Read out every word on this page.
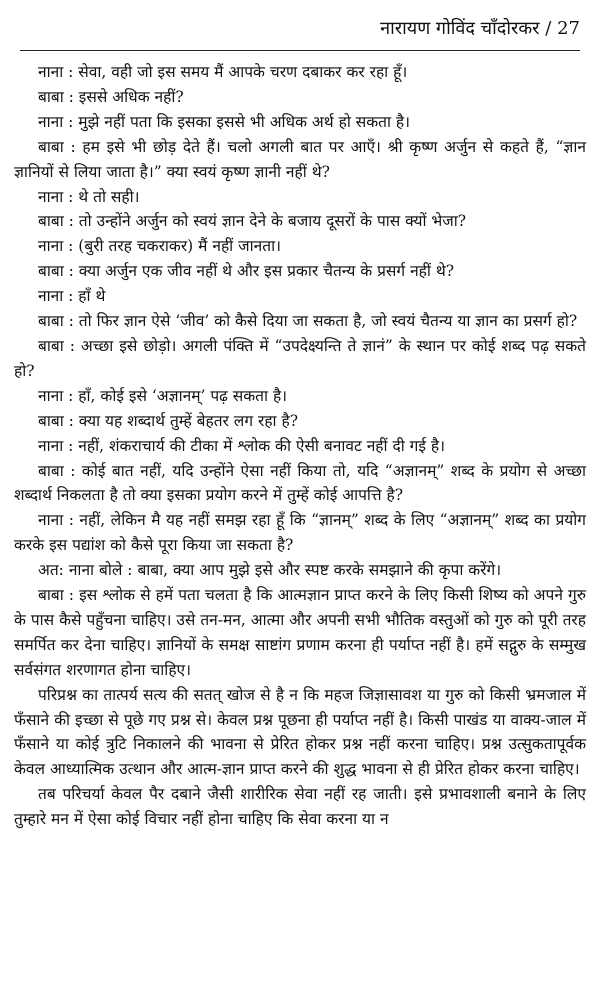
नारायण गोविंद चाँदोरकर / 27

नाना : सेवा, वही जो इस समय मैं आपके चरण दबाकर कर रहा हूँ।

बाबा : इससे अधिक नहीं?

नाना : मुझे नहीं पता कि इसका इससे भी अधिक अर्थ हो सकता है।

बाबा : हम इसे भी छोड़ देते हैं। चलो अगली बात पर आएँ। श्री कृष्ण अर्जुन से कहते हैं, “ज्ञान ज्ञानियों से लिया जाता है।” क्या स्वयं कृष्ण ज्ञानी नहीं थे?

नाना : थे तो सही।

बाबा : तो उन्होंने अर्जुन को स्वयं ज्ञान देने के बजाय दूसरों के पास क्यों भेजा?

नाना : (बुरी तरह चकराकर) मैं नहीं जानता।

बाबा : क्या अर्जुन एक जीव नहीं थे और इस प्रकार चैतन्य के प्रसर्ग नहीं थे?

नाना : हाँ थे

बाबा : तो फिर ज्ञान ऐसे ‘जीव’ को कैसे दिया जा सकता है, जो स्वयं चैतन्य या ज्ञान का प्रसर्ग हो?

बाबा : अच्छा इसे छोड़ो। अगली पंक्ति में “उपदेक्ष्यन्ति ते ज्ञानं” के स्थान पर कोई शब्द पढ़ सकते हो?

नाना : हाँ, कोई इसे ‘अज्ञानम्’ पढ़ सकता है।

बाबा : क्या यह शब्दार्थ तुम्हें बेहतर लग रहा है?

नाना : नहीं, शंकराचार्य की टीका में श्लोक की ऐसी बनावट नहीं दी गई है।

बाबा : कोई बात नहीं, यदि उन्होंने ऐसा नहीं किया तो, यदि “अज्ञानम्” शब्द के प्रयोग से अच्छा शब्दार्थ निकलता है तो क्या इसका प्रयोग करने में तुम्हें कोई आपत्ति है?

नाना : नहीं, लेकिन मै यह नहीं समझ रहा हूँ कि “ज्ञानम्” शब्द के लिए “अज्ञानम्” शब्द का प्रयोग करके इस पद्यांश को कैसे पूरा किया जा सकता है?

अत: नाना बोले : बाबा, क्या आप मुझे इसे और स्पष्ट करके समझाने की कृपा करेंगे।

बाबा : इस श्लोक से हमें पता चलता है कि आत्मज्ञान प्राप्त करने के लिए किसी शिष्य को अपने गुरु के पास कैसे पहुँचना चाहिए। उसे तन-मन, आत्मा और अपनी सभी भौतिक वस्तुओं को गुरु को पूरी तरह समर्पित कर देना चाहिए। ज्ञानियों के समक्ष साष्टांग प्रणाम करना ही पर्याप्त नहीं है। हमें सद्गुरु के सम्मुख सर्वसंगत शरणागत होना चाहिए।

परिप्रश्न का तात्पर्य सत्य की सतत् खोज से है न कि महज जिज्ञासावश या गुरु को किसी भ्रमजाल में फँसाने की इच्छा से पूछे गए प्रश्न से। केवल प्रश्न पूछना ही पर्याप्त नहीं है। किसी पाखंड या वाक्य-जाल में फँसाने या कोई त्रुटि निकालने की भावना से प्रेरित होकर प्रश्न नहीं करना चाहिए। प्रश्न उत्सुकतापूर्वक केवल आध्यात्मिक उत्थान और आत्म-ज्ञान प्राप्त करने की शुद्ध भावना से ही प्रेरित होकर करना चाहिए।

तब परिचर्या केवल पैर दबाने जैसी शारीरिक सेवा नहीं रह जाती। इसे प्रभावशाली बनाने के लिए तुम्हारे मन में ऐसा कोई विचार नहीं होना चाहिए कि सेवा करना या न
